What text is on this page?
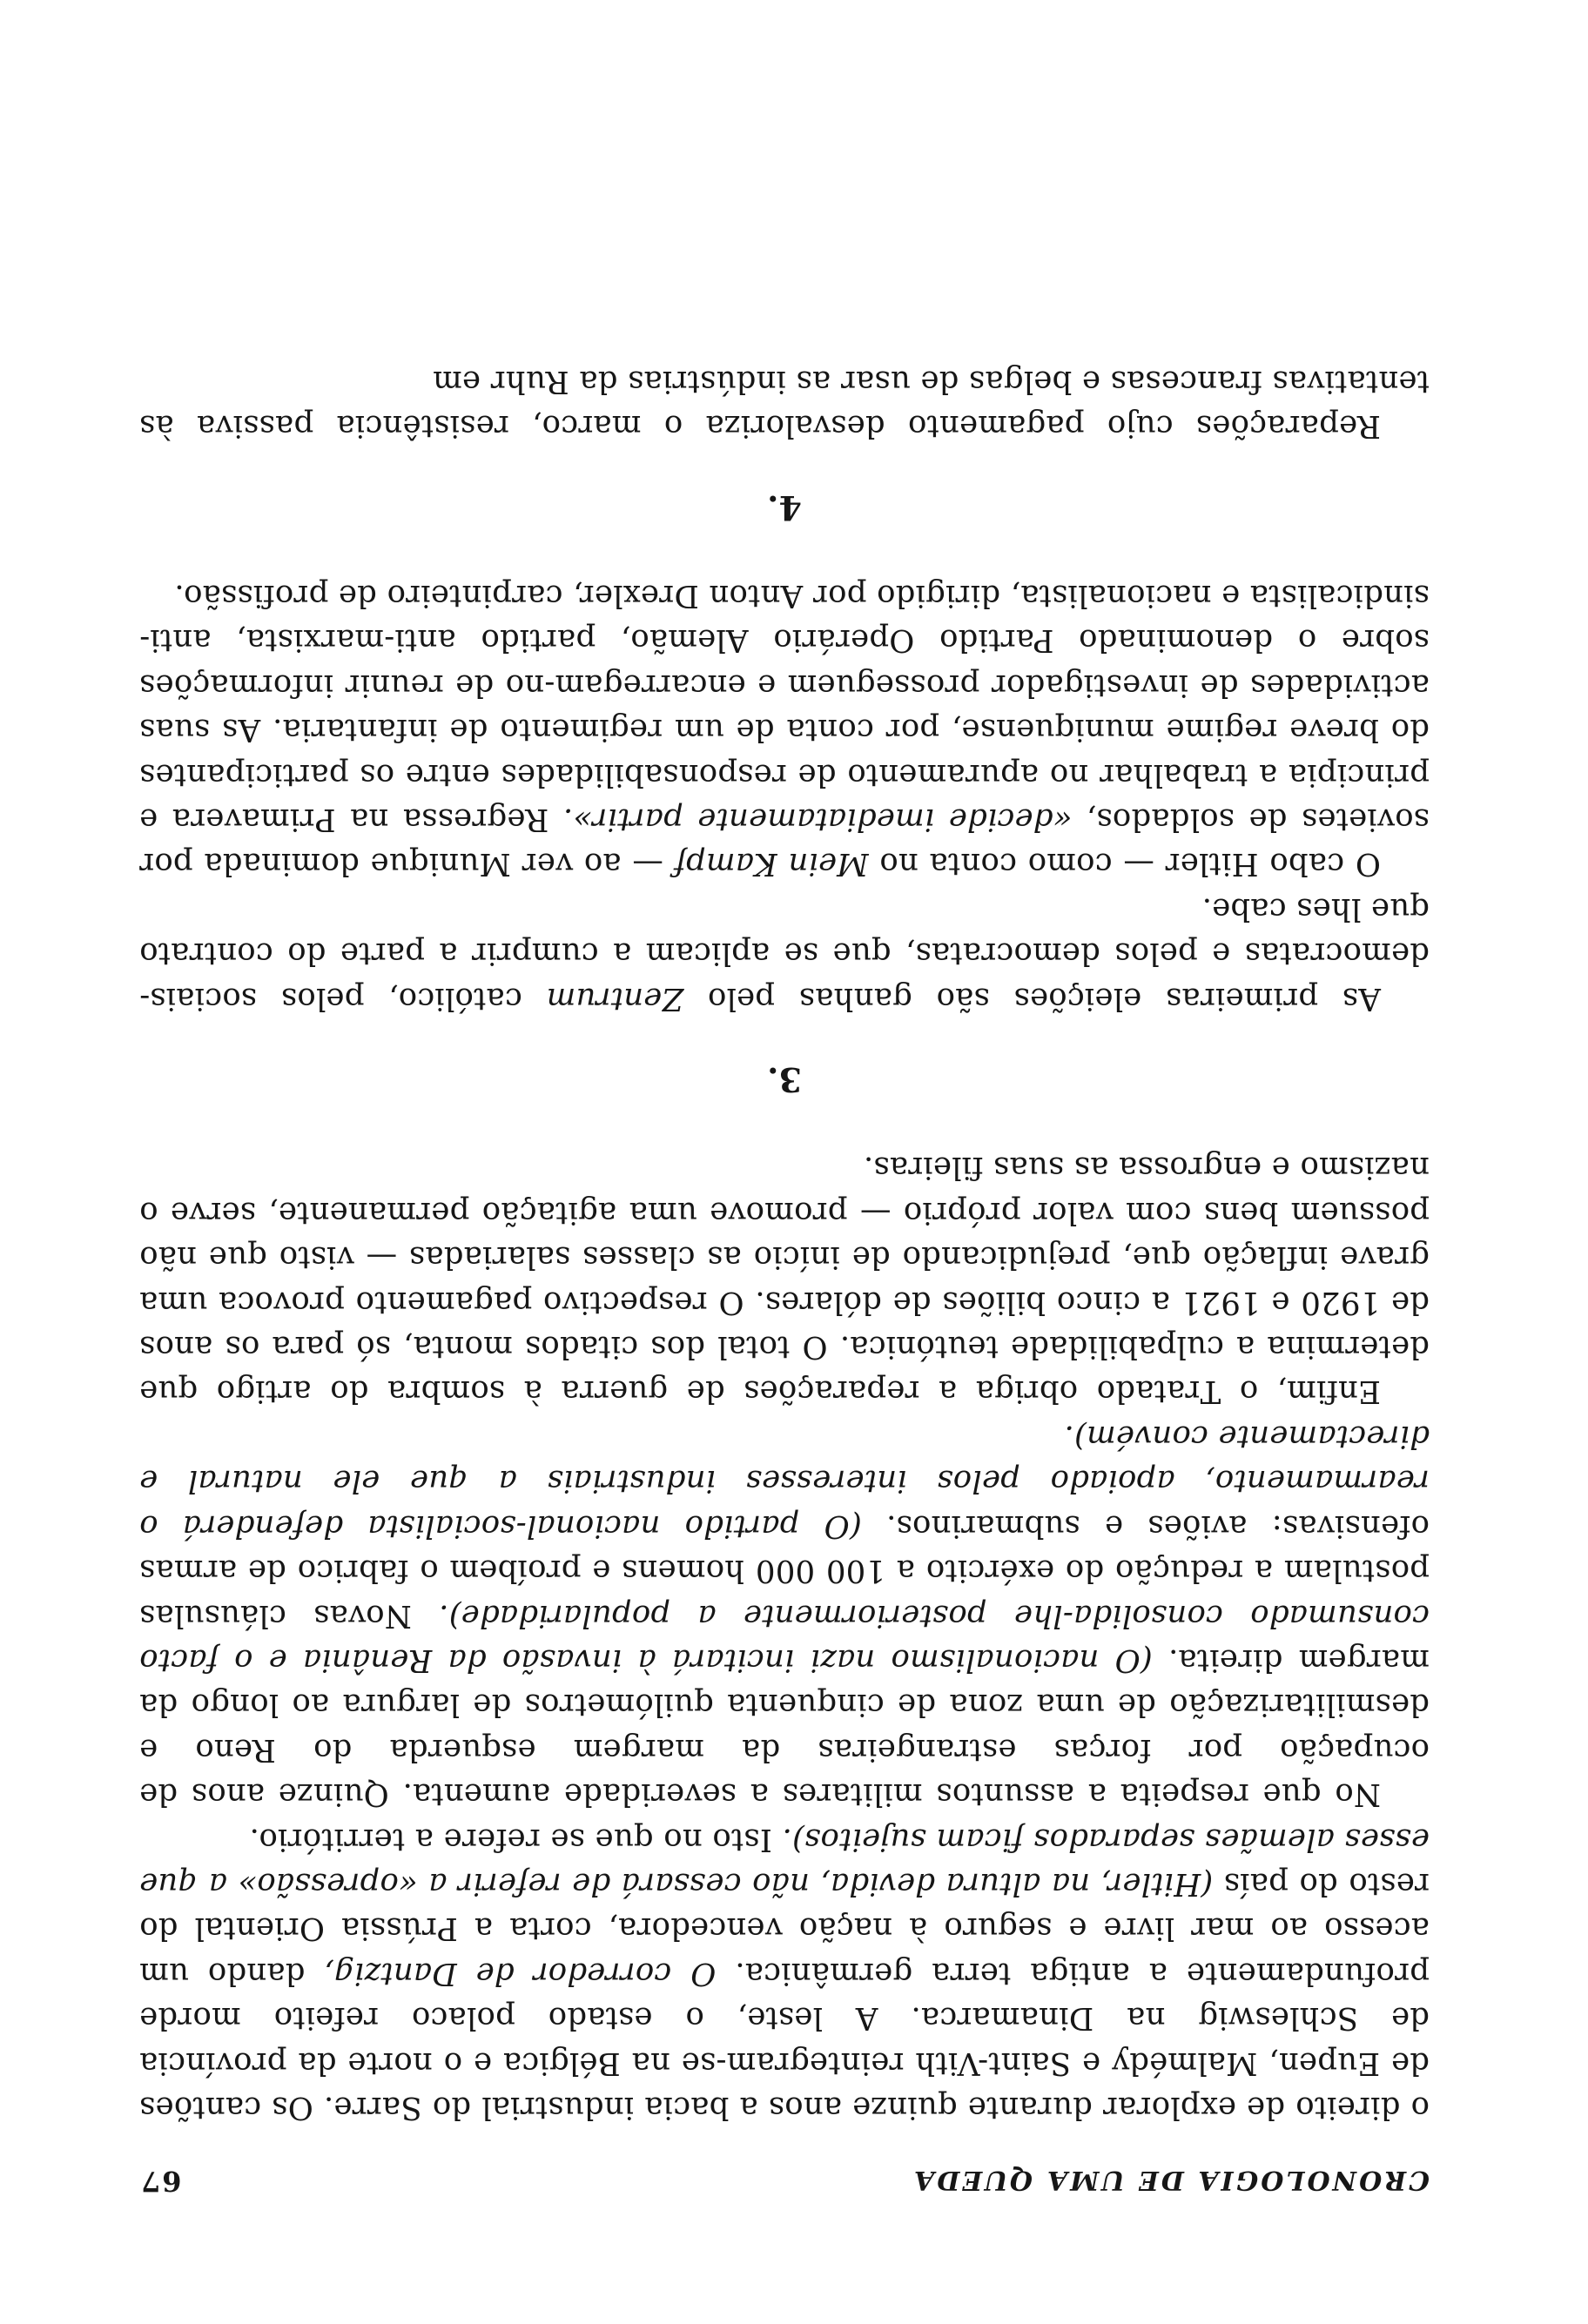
CRONOLOGIA DE UMA QUEDA
67

o direito de explorar durante quinze anos a bacia industrial do Sarre. Os cantões de Eupen, Malmédy e Saint-Vith reintegram-se na Bélgica e o norte da província de Schleswig na Dinamarca. A leste, o estado polaco refeito morde profundamente a antiga terra germânica. O corredor de Dantzig, dando um acesso ao mar livre e seguro à nação vencedora, corta a Prússia Oriental do resto do país (Hitler, na altura devida, não cessará de referir a «opressão» a que esses alemães separados ficam sujeitos). Isto no que se refere a território.

No que respeita a assuntos militares a severidade aumenta. Quinze anos de ocupação por forças estrangeiras da margem esquerda do Reno e desmilitarização de uma zona de cinquenta quilómetros de largura ao longo da margem direita. (O nacionalismo nazi incitará à invasão da Renânia e o facto consumado consolida-lhe posteriormente a popularidade). Novas cláusulas postulam a redução do exército a 100 000 homens e proíbem o fabrico de armas ofensivas: aviões e submarinos. (O partido nacional-socialista defenderá o rearmamento, apoiado pelos interesses industriais a que ele natural e directamente convém).

Enfim, o Tratado obriga a reparações de guerra à sombra do artigo que determina a culpabilidade teutónica. O total dos citados monta, só para os anos de 1920 e 1921 a cinco biliões de dólares. O respectivo pagamento provoca uma grave inflação que, prejudicando de início as classes salariadas — visto que não possuem bens com valor próprio — promove uma agitação permanente, serve o nazismo e engrossa as suas fileiras.

3.

As primeiras eleições são ganhas pelo Zentrum católico, pelos sociais-democratas e pelos democratas, que se aplicam a cumprir a parte do contrato que lhes cabe.

O cabo Hitler — como conta no Mein Kampf — ao ver Munique dominada por sovietes de soldados, «decide imediatamente partir». Regressa na Primavera e principia a trabalhar no apuramento de responsabilidades entre os participantes do breve regime muniquense, por conta de um regimento de infantaria. As suas actividades de investigador prosseguem e encarregam-no de reunir informações sobre o denominado Partido Operário Alemão, partido anti-marxista, anti-sindicalista e nacionalista, dirigido por Anton Drexler, carpinteiro de profissão.

4.

Reparações cujo pagamento desvaloriza o marco, resistência passiva às tentativas francesas e belgas de usar as indústrias da Ruhr em
